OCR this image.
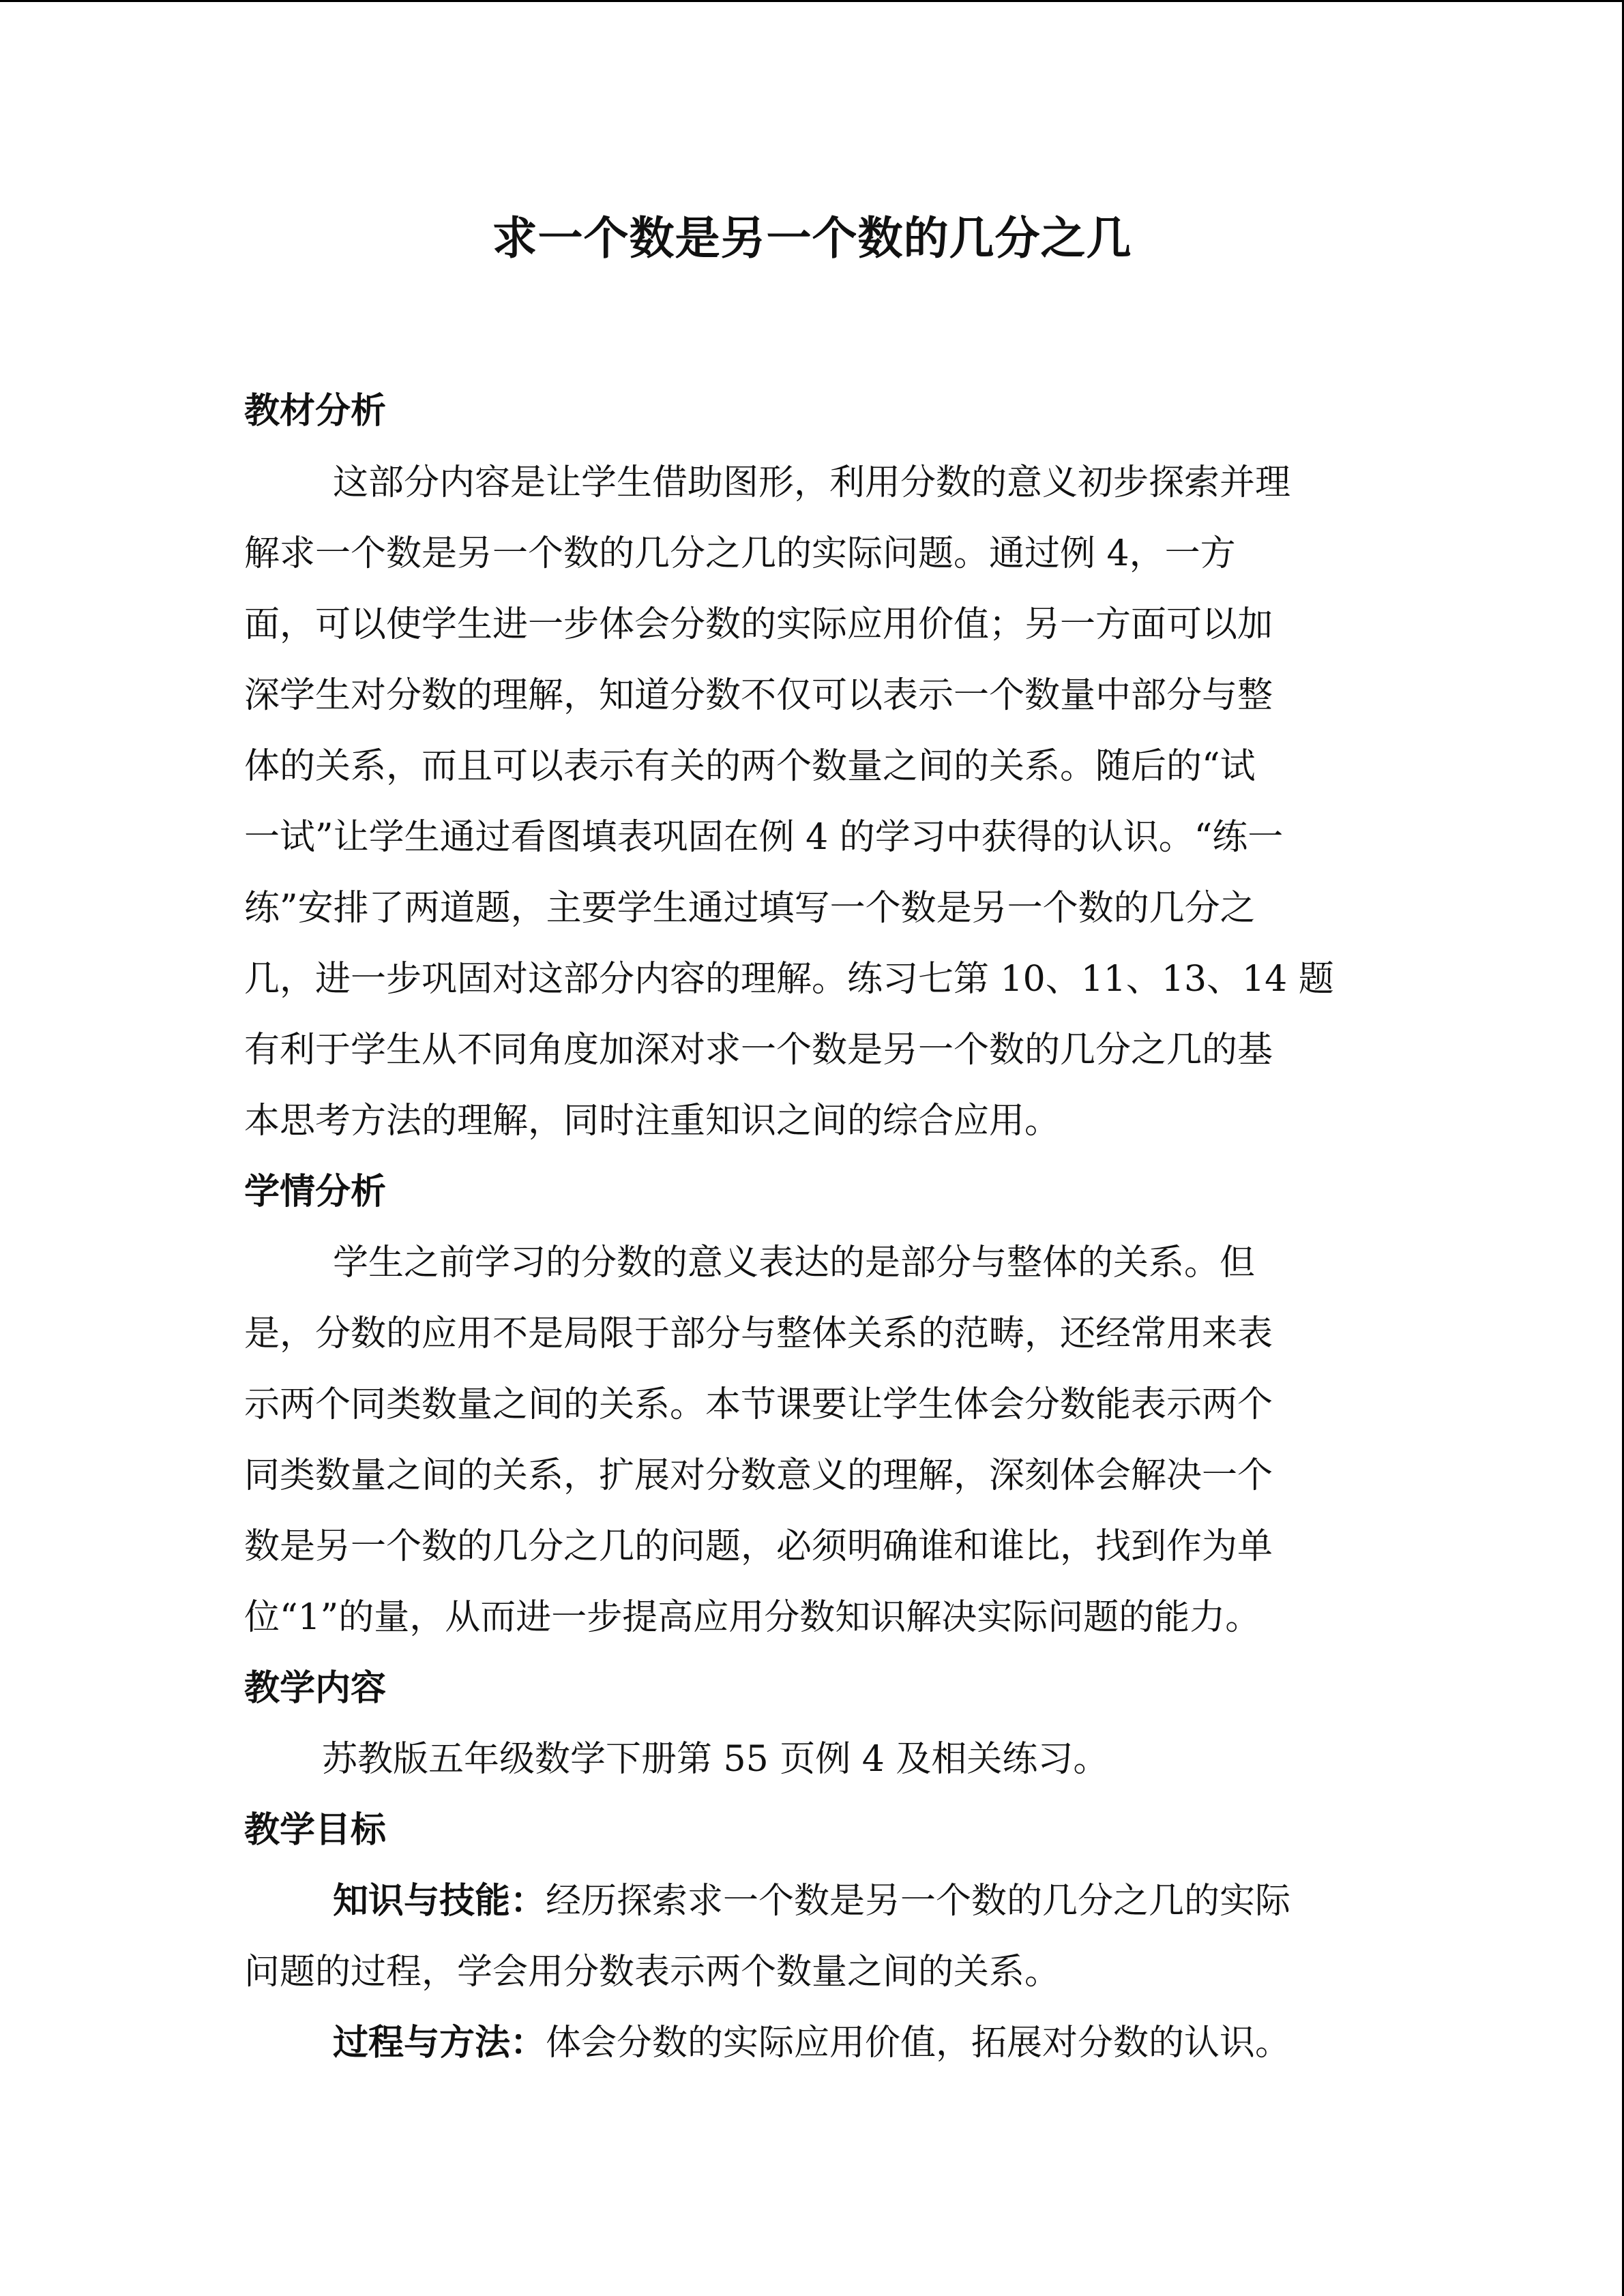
求一个数是另一个数的几分之几
教材分析
这部分内容是让学生借助图形，利用分数的意义初步探索并理
解求一个数是另一个数的几分之几的实际问题。通过例 4，一方
面，可以使学生进一步体会分数的实际应用价值；另一方面可以加
深学生对分数的理解，知道分数不仅可以表示一个数量中部分与整
体的关系，而且可以表示有关的两个数量之间的关系。随后的“试
一试”让学生通过看图填表巩固在例 4 的学习中获得的认识。“练一
练”安排了两道题，主要学生通过填写一个数是另一个数的几分之
几，进一步巩固对这部分内容的理解。练习七第 10、11、13、14 题
有利于学生从不同角度加深对求一个数是另一个数的几分之几的基
本思考方法的理解，同时注重知识之间的综合应用。
学情分析
学生之前学习的分数的意义表达的是部分与整体的关系。但
是，分数的应用不是局限于部分与整体关系的范畴，还经常用来表
示两个同类数量之间的关系。本节课要让学生体会分数能表示两个
同类数量之间的关系，扩展对分数意义的理解，深刻体会解决一个
数是另一个数的几分之几的问题，必须明确谁和谁比，找到作为单
位“1”的量，从而进一步提高应用分数知识解决实际问题的能力。
教学内容
苏教版五年级数学下册第 55 页例 4 及相关练习。
教学目标
知识与技能：经历探索求一个数是另一个数的几分之几的实际
问题的过程，学会用分数表示两个数量之间的关系。
过程与方法：体会分数的实际应用价值，拓展对分数的认识。
